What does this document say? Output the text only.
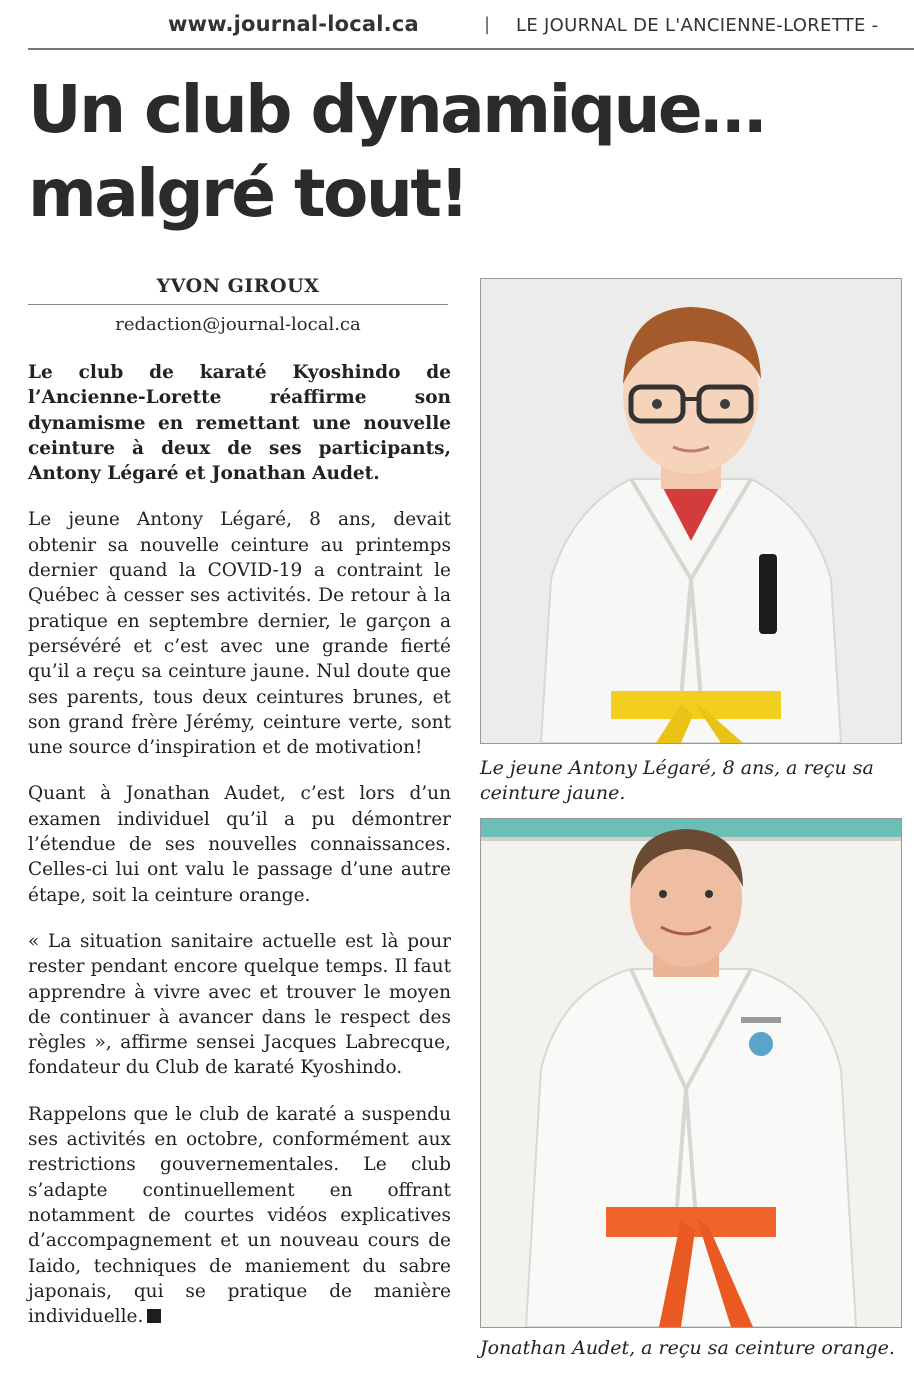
www.journal-local.ca	| LE JOURNAL DE L'ANCIENNE-LORETTE -
Un club dynamique…
malgré tout!
YVON GIROUX
redaction@journal-local.ca

Le club de karaté Kyoshindo de l’Ancienne-Lorette réaffirme son dynamisme en remettant une nouvelle ceinture à deux de ses participants, Antony Légaré et Jonathan Audet.

Le jeune Antony Légaré, 8 ans, devait obtenir sa nouvelle ceinture au printemps dernier quand la COVID-19 a contraint le Québec à cesser ses activités. De retour à la pratique en septembre dernier, le garçon a persévéré et c’est avec une grande fierté qu’il a reçu sa ceinture jaune. Nul doute que ses parents, tous deux ceintures brunes, et son grand frère Jérémy, ceinture verte, sont une source d’inspiration et de motivation!

Quant à Jonathan Audet, c’est lors d’un examen individuel qu’il a pu démontrer l’étendue de ses nouvelles connaissances. Celles-ci lui ont valu le passage d’une autre étape, soit la ceinture orange.

« La situation sanitaire actuelle est là pour rester pendant encore quelque temps. Il faut apprendre à vivre avec et trouver le moyen de continuer à avancer dans le respect des règles », affirme sensei Jacques Labrecque, fondateur du Club de karaté Kyoshindo.

Rappelons que le club de karaté a suspendu ses activités en octobre, conformément aux restrictions gouvernementales. Le club s’adapte continuellement en offrant notamment de courtes vidéos explicatives d’accompagnement et un nouveau cours de Iaido, techniques de maniement du sabre japonais, qui se pratique de manière individuelle.

Le jeune Antony Légaré, 8 ans, a reçu sa ceinture jaune.
Jonathan Audet, a reçu sa ceinture orange.
